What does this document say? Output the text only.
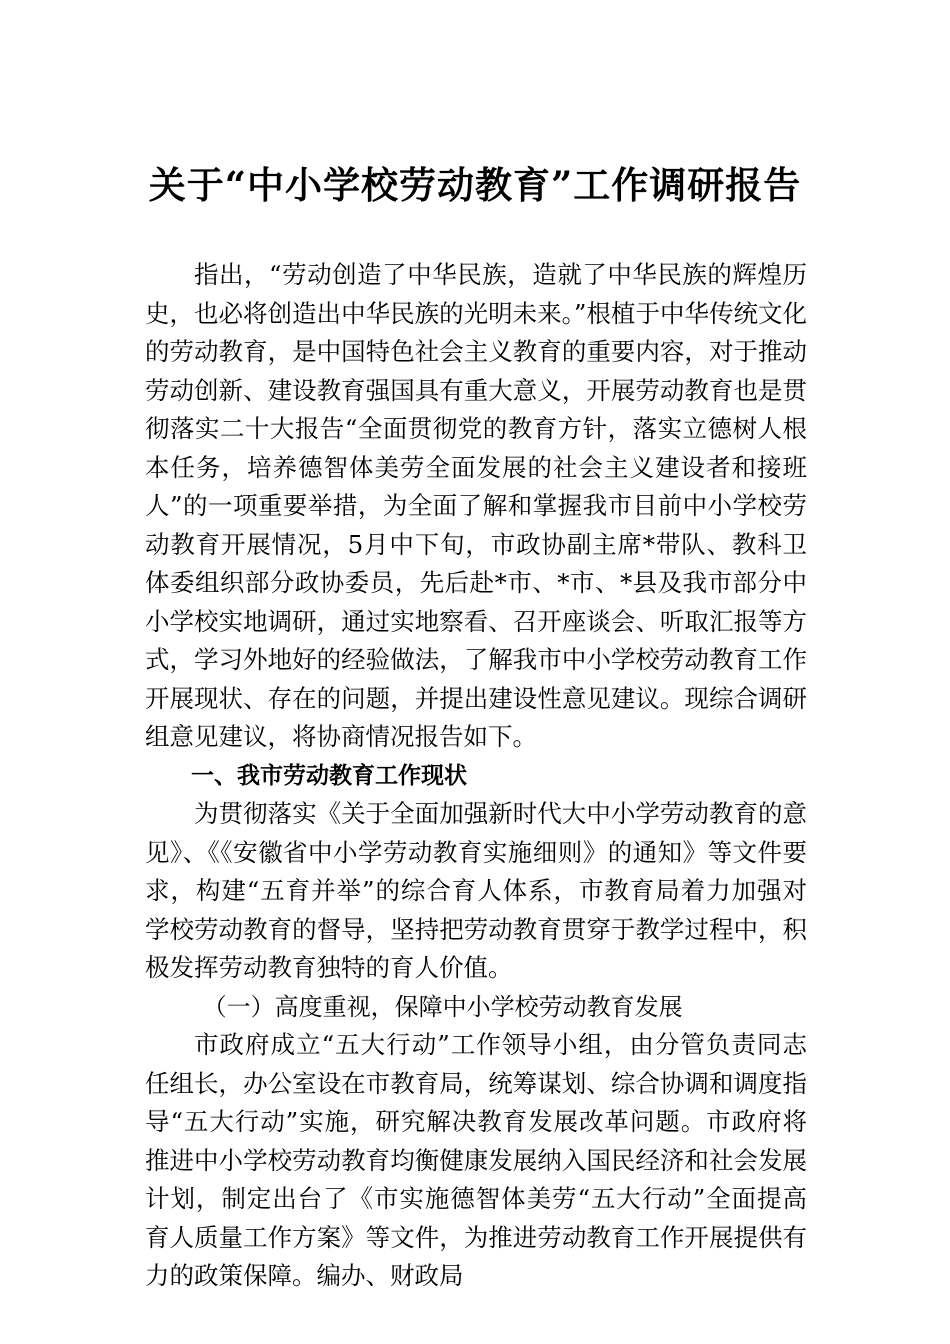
关于“中小学校劳动教育”工作调研报告

指出，“劳动创造了中华民族，造就了中华民族的辉煌历史，也必将创造出中华民族的光明未来。”根植于中华传统文化的劳动教育，是中国特色社会主义教育的重要内容，对于推动劳动创新、建设教育强国具有重大意义，开展劳动教育也是贯彻落实二十大报告“全面贯彻党的教育方针，落实立德树人根本任务，培养德智体美劳全面发展的社会主义建设者和接班人”的一项重要举措，为全面了解和掌握我市目前中小学校劳动教育开展情况，5月中下旬，市政协副主席*带队、教科卫体委组织部分政协委员，先后赴*市、*市、*县及我市部分中小学校实地调研，通过实地察看、召开座谈会、听取汇报等方式，学习外地好的经验做法，了解我市中小学校劳动教育工作开展现状、存在的问题，并提出建设性意见建议。现综合调研组意见建议，将协商情况报告如下。

一、我市劳动教育工作现状

为贯彻落实《关于全面加强新时代大中小学劳动教育的意见》、《《安徽省中小学劳动教育实施细则》的通知》等文件要求，构建“五育并举”的综合育人体系，市教育局着力加强对学校劳动教育的督导，坚持把劳动教育贯穿于教学过程中，积极发挥劳动教育独特的育人价值。

（一）高度重视，保障中小学校劳动教育发展

市政府成立“五大行动”工作领导小组，由分管负责同志任组长，办公室设在市教育局，统筹谋划、综合协调和调度指导“五大行动”实施，研究解决教育发展改革问题。市政府将推进中小学校劳动教育均衡健康发展纳入国民经济和社会发展计划，制定出台了《市实施德智体美劳“五大行动”全面提高育人质量工作方案》等文件，为推进劳动教育工作开展提供有力的政策保障。编办、财政局
